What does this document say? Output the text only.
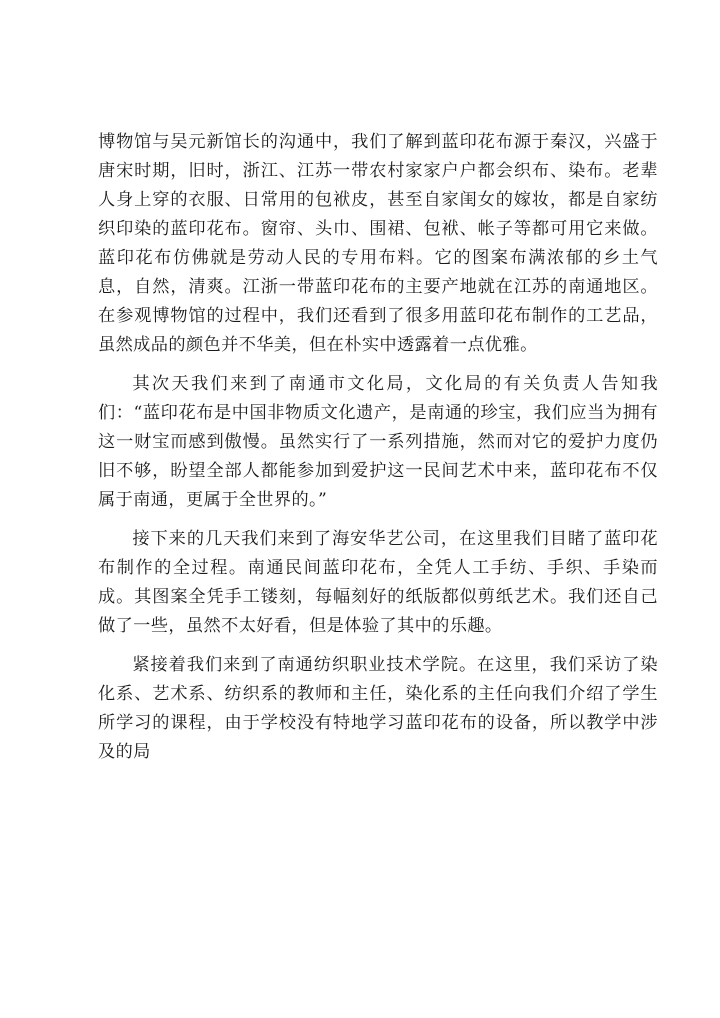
博物馆与吴元新馆长的沟通中，我们了解到蓝印花布源于秦汉，兴盛于唐宋时期，旧时，浙江、江苏一带农村家家户户都会织布、染布。老辈人身上穿的衣服、日常用的包袱皮，甚至自家闺女的嫁妆，都是自家纺织印染的蓝印花布。窗帘、头巾、围裙、包袱、帐子等都可用它来做。蓝印花布仿佛就是劳动人民的专用布料。它的图案布满浓郁的乡土气息，自然，清爽。江浙一带蓝印花布的主要产地就在江苏的南通地区。在参观博物馆的过程中，我们还看到了很多用蓝印花布制作的工艺品，虽然成品的颜色并不华美，但在朴实中透露着一点优雅。

其次天我们来到了南通市文化局，文化局的有关负责人告知我们：“蓝印花布是中国非物质文化遗产，是南通的珍宝，我们应当为拥有这一财宝而感到傲慢。虽然实行了一系列措施，然而对它的爱护力度仍旧不够，盼望全部人都能参加到爱护这一民间艺术中来，蓝印花布不仅属于南通，更属于全世界的。”

接下来的几天我们来到了海安华艺公司，在这里我们目睹了蓝印花布制作的全过程。南通民间蓝印花布，全凭人工手纺、手织、手染而成。其图案全凭手工镂刻，每幅刻好的纸版都似剪纸艺术。我们还自己做了一些，虽然不太好看，但是体验了其中的乐趣。

紧接着我们来到了南通纺织职业技术学院。在这里，我们采访了染化系、艺术系、纺织系的教师和主任，染化系的主任向我们介绍了学生所学习的课程，由于学校没有特地学习蓝印花布的设备，所以教学中涉及的局
